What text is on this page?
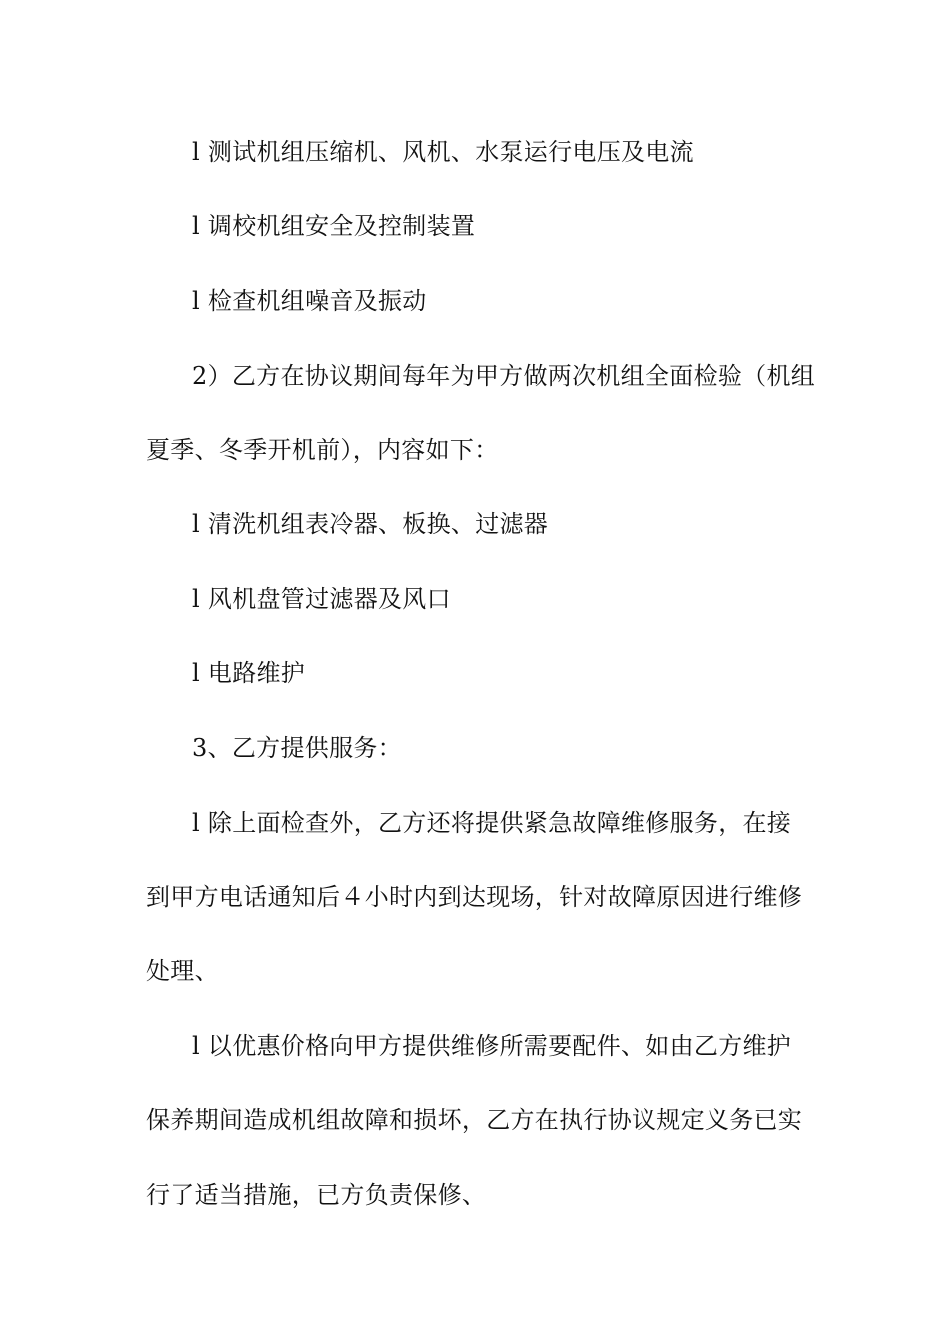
l 测试机组压缩机、风机、水泵运行电压及电流
l 调校机组安全及控制装置
l 检查机组噪音及振动
2）乙方在协议期间每年为甲方做两次机组全面检验（机组
夏季、冬季开机前），内容如下：
l 清洗机组表冷器、板换、过滤器
l 风机盘管过滤器及风口
l 电路维护
3、乙方提供服务：
l 除上面检查外，乙方还将提供紧急故障维修服务，在接
到甲方电话通知后４小时内到达现场，针对故障原因进行维修
处理、
l 以优惠价格向甲方提供维修所需要配件、如由乙方维护
保养期间造成机组故障和损坏，乙方在执行协议规定义务已实
行了适当措施，已方负责保修、
